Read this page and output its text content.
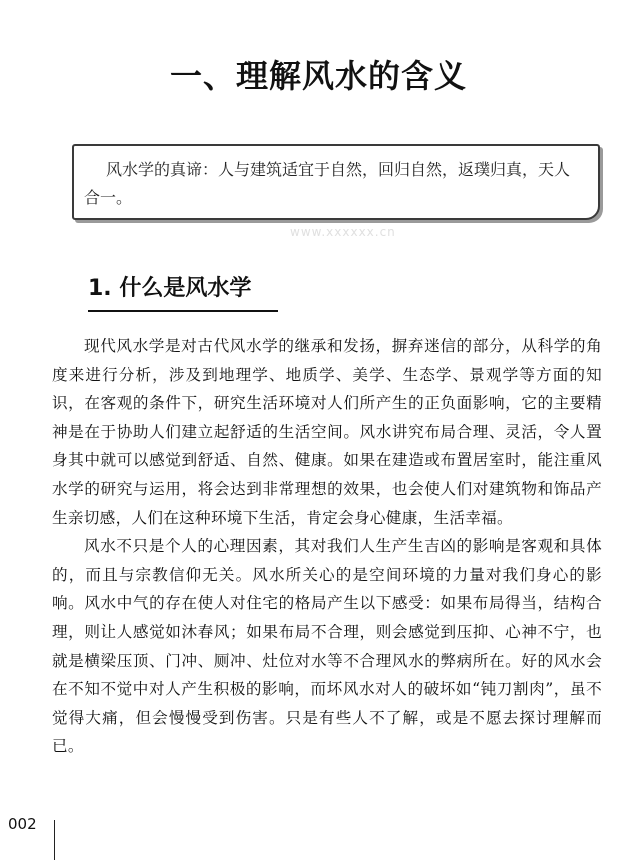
一、理解风水的含义

风水学的真谛：人与建筑适宜于自然，回归自然，返璞归真，天人合一。

www.xxxxxx.cn
1. 什么是风水学

现代风水学是对古代风水学的继承和发扬，摒弃迷信的部分，从科学的角度来进行分析，涉及到地理学、地质学、美学、生态学、景观学等方面的知识，在客观的条件下，研究生活环境对人们所产生的正负面影响，它的主要精神是在于协助人们建立起舒适的生活空间。风水讲究布局合理、灵活，令人置身其中就可以感觉到舒适、自然、健康。如果在建造或布置居室时，能注重风水学的研究与运用，将会达到非常理想的效果，也会使人们对建筑物和饰品产生亲切感，人们在这种环境下生活，肯定会身心健康，生活幸福。

风水不只是个人的心理因素，其对我们人生产生吉凶的影响是客观和具体的，而且与宗教信仰无关。风水所关心的是空间环境的力量对我们身心的影响。风水中气的存在使人对住宅的格局产生以下感受：如果布局得当，结构合理，则让人感觉如沐春风；如果布局不合理，则会感觉到压抑、心神不宁，也就是横梁压顶、门冲、厕冲、灶位对水等不合理风水的弊病所在。好的风水会在不知不觉中对人产生积极的影响，而坏风水对人的破坏如“钝刀割肉”，虽不觉得大痛，但会慢慢受到伤害。只是有些人不了解，或是不愿去探讨理解而已。

002
